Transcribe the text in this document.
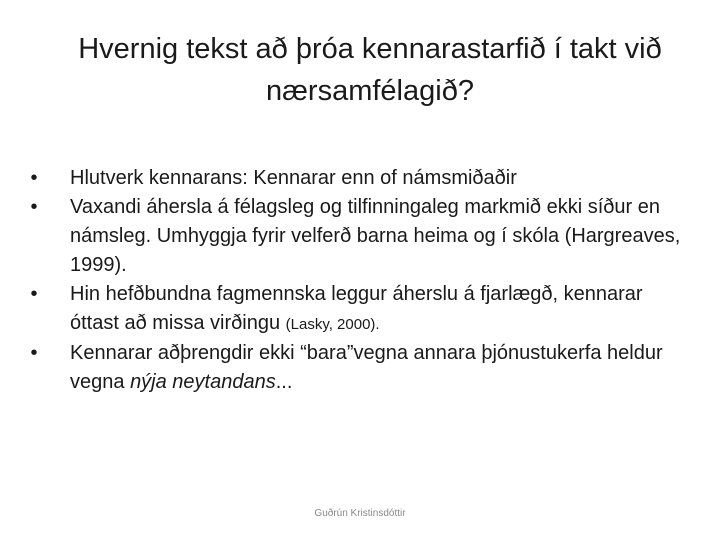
Hvernig tekst að þróa kennarastarfið í takt við nærsamfélagið?
•	Hlutverk kennarans: Kennarar enn of námsmiðaðir
•	Vaxandi áhersla á félagsleg og tilfinningaleg markmið ekki síður en námsleg. Umhyggja fyrir velferð barna heima og í skóla (Hargreaves, 1999).
•	Hin hefðbundna fagmennska leggur áherslu á fjarlægð, kennarar óttast að missa virðingu (Lasky, 2000).
•	Kennarar aðþrengdir ekki “bara”vegna annara þjónustukerfa heldur vegna nýja neytandans...
Guðrún Kristinsdóttir
